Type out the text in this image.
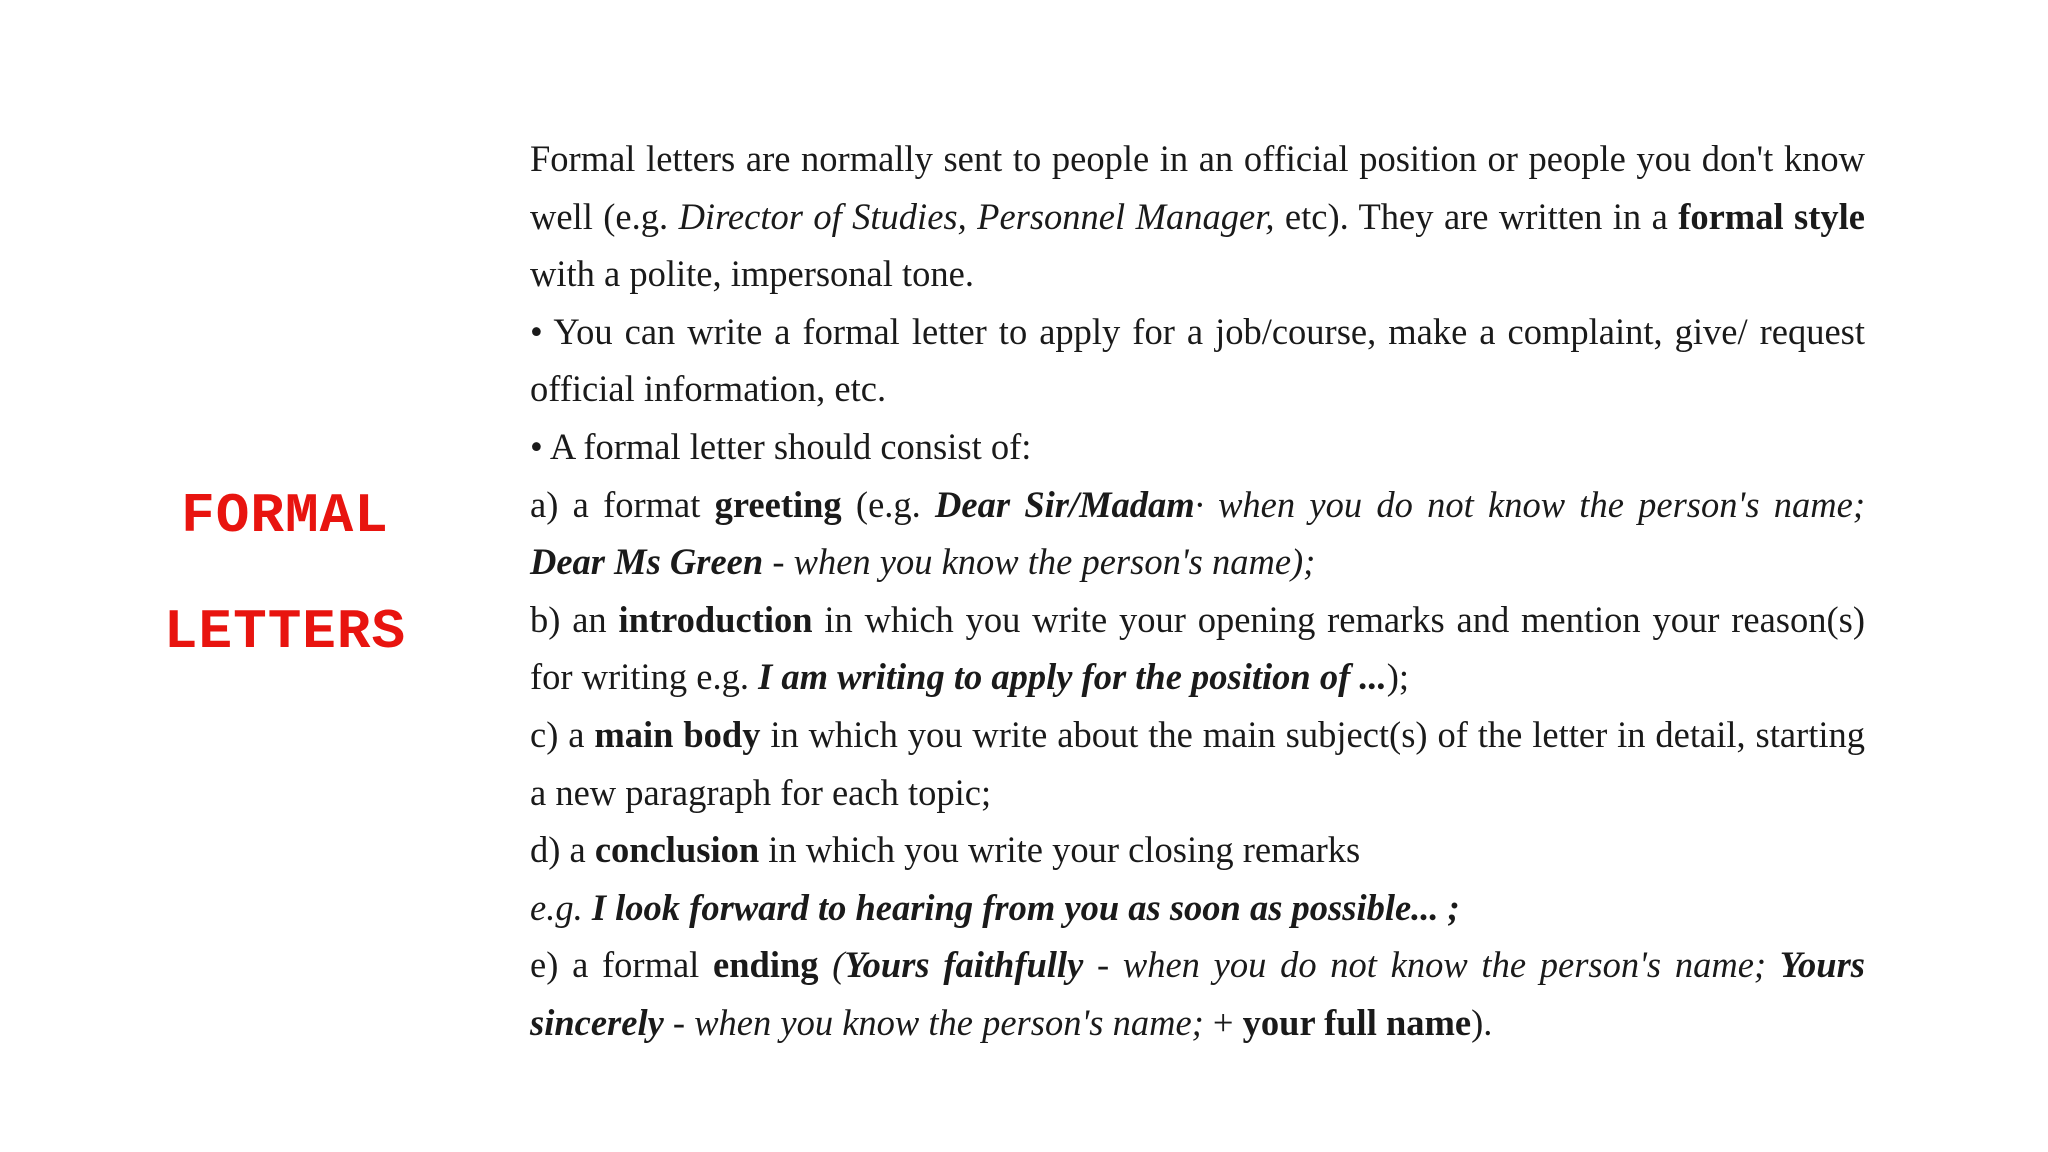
FORMAL
LETTERS

Formal letters are normally sent to people in an official position or people you don't know well (e.g. Director of Studies, Personnel Manager, etc). They are written in a formal style with a polite, impersonal tone.

• You can write a formal letter to apply for a job/course, make a complaint, give/ request official information, etc.

• A formal letter should consist of:

a) a format greeting (e.g. Dear Sir/Madam· when you do not know the person's name; Dear Ms Green - when you know the person's name);

b) an introduction in which you write your opening remarks and mention your reason(s) for writing e.g. I am writing to apply for the position of ...);

c) a main body in which you write about the main subject(s) of the letter in detail, starting a new paragraph for each topic;

d) a conclusion in which you write your closing remarks

e.g. I look forward to hearing from you as soon as possible... ;

e) a formal ending (Yours faithfully - when you do not know the person's name; Yours sincerely - when you know the person's name; + your full name).
